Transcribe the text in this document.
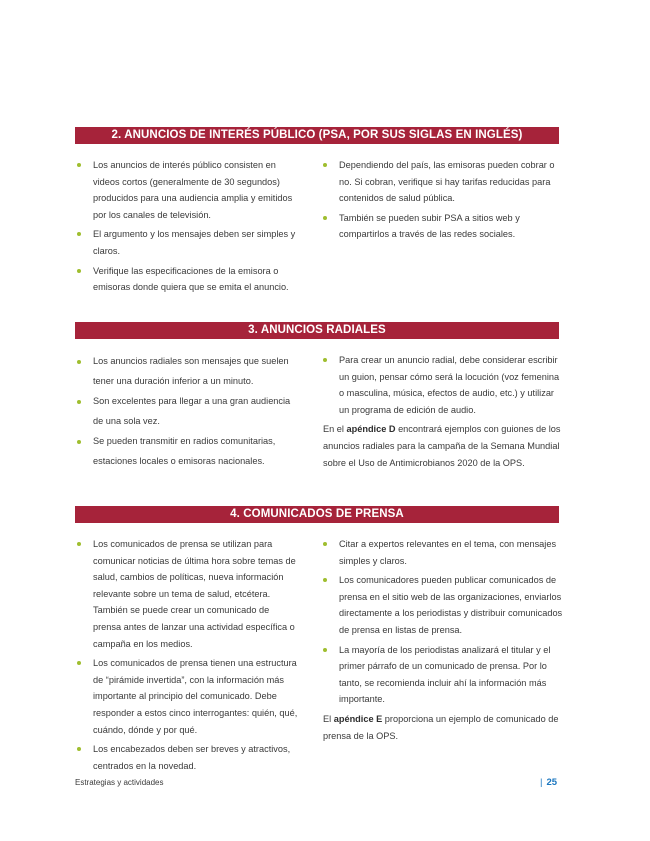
2. ANUNCIOS DE INTERÉS PÚBLICO (PSA, POR SUS SIGLAS EN INGLÉS)
Los anuncios de interés público consisten en videos cortos (generalmente de 30 segundos) producidos para una audiencia amplia y emitidos por los canales de televisión.
El argumento y los mensajes deben ser simples y claros.
Verifique las especificaciones de la emisora o emisoras donde quiera que se emita el anuncio.
Dependiendo del país, las emisoras pueden cobrar o no. Si cobran, verifique si hay tarifas reducidas para contenidos de salud pública.
También se pueden subir PSA a sitios web y compartirlos a través de las redes sociales.
3. ANUNCIOS RADIALES
Los anuncios radiales son mensajes que suelen tener una duración inferior a un minuto.
Son excelentes para llegar a una gran audiencia de una sola vez.
Se pueden transmitir en radios comunitarias, estaciones locales o emisoras nacionales.
Para crear un anuncio radial, debe considerar escribir un guion, pensar cómo será la locución (voz femenina o masculina, música, efectos de audio, etc.) y utilizar un programa de edición de audio.
En el apéndice D encontrará ejemplos con guiones de los anuncios radiales para la campaña de la Semana Mundial sobre el Uso de Antimicrobianos 2020 de la OPS.
4. COMUNICADOS DE PRENSA
Los comunicados de prensa se utilizan para comunicar noticias de última hora sobre temas de salud, cambios de políticas, nueva información relevante sobre un tema de salud, etcétera. También se puede crear un comunicado de prensa antes de lanzar una actividad específica o campaña en los medios.
Los comunicados de prensa tienen una estructura de “pirámide invertida”, con la información más importante al principio del comunicado. Debe responder a estos cinco interrogantes: quién, qué, cuándo, dónde y por qué.
Los encabezados deben ser breves y atractivos, centrados en la novedad.
Citar a expertos relevantes en el tema, con mensajes simples y claros.
Los comunicadores pueden publicar comunicados de prensa en el sitio web de las organizaciones, enviarlos directamente a los periodistas y distribuir comunicados de prensa en listas de prensa.
La mayoría de los periodistas analizará el titular y el primer párrafo de un comunicado de prensa. Por lo tanto, se recomienda incluir ahí la información más importante.
El apéndice E proporciona un ejemplo de comunicado de prensa de la OPS.
Estrategias y actividades	| 25
